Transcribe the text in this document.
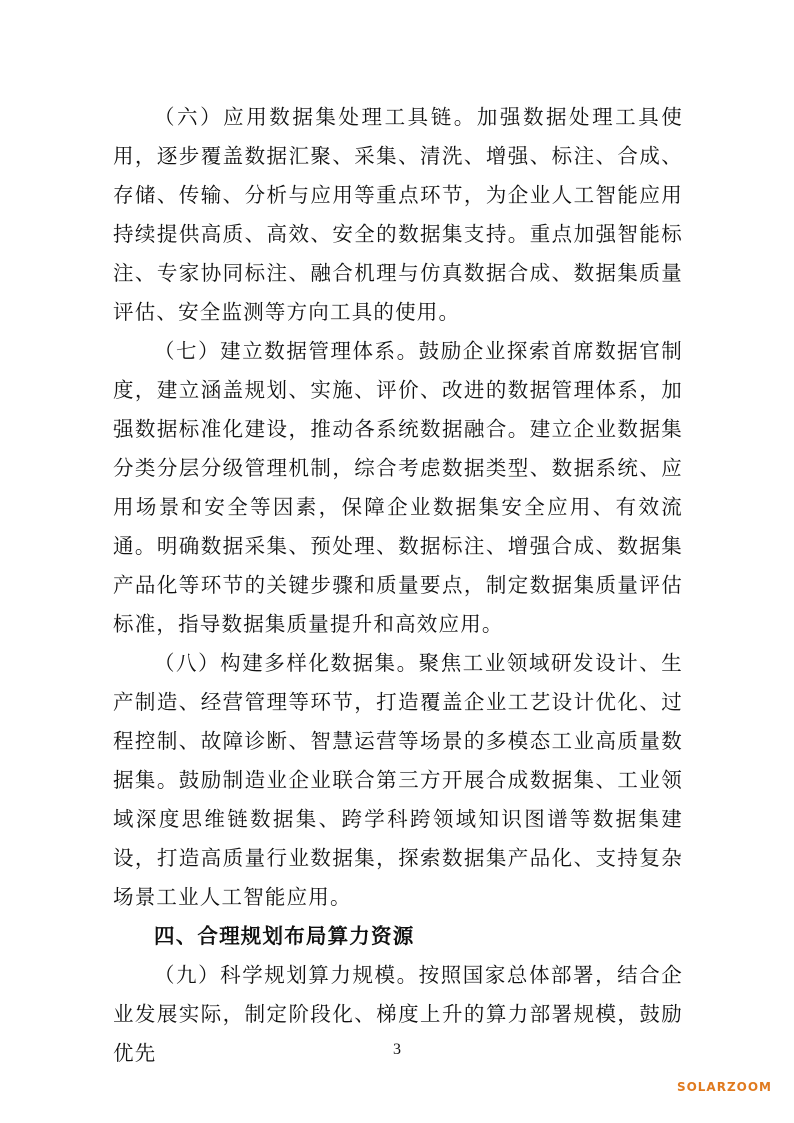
（六）应用数据集处理工具链。加强数据处理工具使用，逐步覆盖数据汇聚、采集、清洗、增强、标注、合成、存储、传输、分析与应用等重点环节，为企业人工智能应用持续提供高质、高效、安全的数据集支持。重点加强智能标注、专家协同标注、融合机理与仿真数据合成、数据集质量评估、安全监测等方向工具的使用。

（七）建立数据管理体系。鼓励企业探索首席数据官制度，建立涵盖规划、实施、评价、改进的数据管理体系，加强数据标准化建设，推动各系统数据融合。建立企业数据集分类分层分级管理机制，综合考虑数据类型、数据系统、应用场景和安全等因素，保障企业数据集安全应用、有效流通。明确数据采集、预处理、数据标注、增强合成、数据集产品化等环节的关键步骤和质量要点，制定数据集质量评估标准，指导数据集质量提升和高效应用。

（八）构建多样化数据集。聚焦工业领域研发设计、生产制造、经营管理等环节，打造覆盖企业工艺设计优化、过程控制、故障诊断、智慧运营等场景的多模态工业高质量数据集。鼓励制造业企业联合第三方开展合成数据集、工业领域深度思维链数据集、跨学科跨领域知识图谱等数据集建设，打造高质量行业数据集，探索数据集产品化、支持复杂场景工业人工智能应用。

四、合理规划布局算力资源

（九）科学规划算力规模。按照国家总体部署，结合企业发展实际，制定阶段化、梯度上升的算力部署规模，鼓励优先	3
SOLARZOOM
